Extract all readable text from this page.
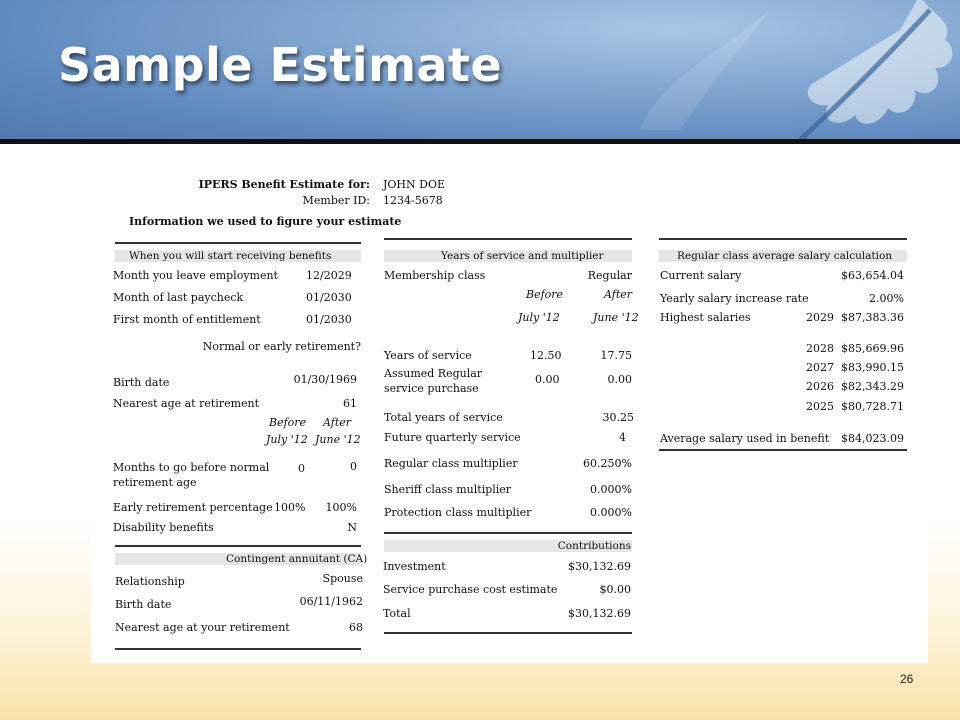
Sample Estimate
IPERS Benefit Estimate for: JOHN DOE
Member ID: 1234-5678
Information we used to figure your estimate
When you will start receiving benefits
Month you leave employment	12/2029
Month of last paycheck	01/2030
First month of entitlement	01/2030
Normal or early retirement?
Birth date	01/30/1969
Nearest age at retirement	61
Before After
July '12 June '12
Months to go before normal
retirement age
0	0
Early retirement percentage 100% 100%
Disability benefits	N
Contingent annuitant (CA)
Relationship	Spouse
Birth date	06/11/1962
Nearest age at your retirement	68
Years of service and multiplier
Membership class	Regular
Before	After
July '12	June '12
Years of service	12.50	17.75
Assumed Regular
service purchase
0.00	0.00
Total years of service	30.25
Future quarterly service	4
Regular class multiplier	60.250%
Sheriff class multiplier	0.000%
Protection class multiplier	0.000%
Contributions
Investment	$30,132.69
Service purchase cost estimate	$0.00
Total	$30,132.69
Regular class average salary calculation
Current salary	$63,654.04
Yearly salary increase rate	2.00%
Highest salaries	2029 $87,383.36
2028 $85,669.96
2027 $83,990.15
2026 $82,343.29
2025 $80,728.71
Average salary used in benefit $84,023.09
26
